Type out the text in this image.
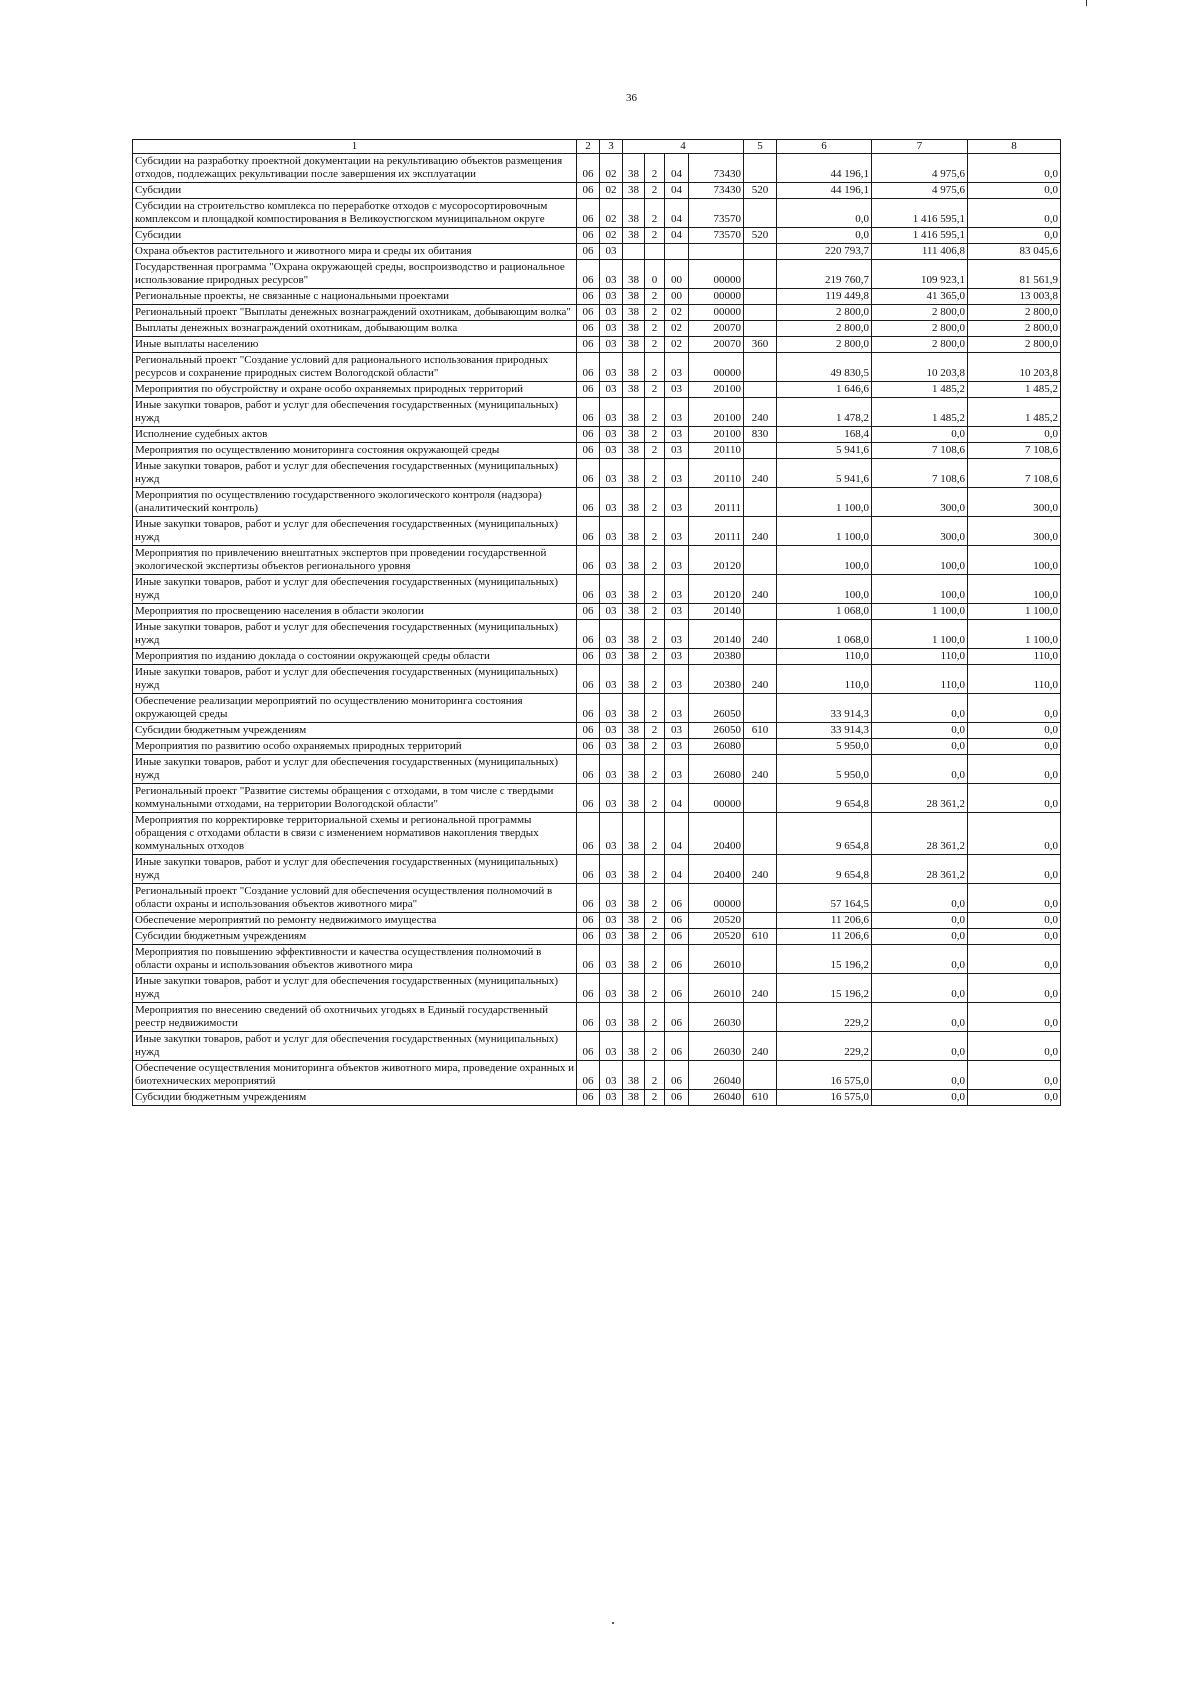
36
1	2	3	4				5	6	7	8
Субсидии на разработку проектной документации на рекультивацию объектов размещения отходов, подлежащих рекультивации после завершения их эксплуатации	06	02	38	2	04	73430		44 196,1	4 975,6	0,0
Субсидии	06	02	38	2	04	73430	520	44 196,1	4 975,6	0,0
Субсидии на строительство комплекса по переработке отходов с мусоросортировочным комплексом и площадкой компостирования в Великоустюгском муниципальном округе	06	02	38	2	04	73570		0,0	1 416 595,1	0,0
Субсидии	06	02	38	2	04	73570	520	0,0	1 416 595,1	0,0
Охрана объектов растительного и животного мира и среды их обитания	06	03						220 793,7	111 406,8	83 045,6
Государственная программа "Охрана окружающей среды, воспроизводство и рациональное использование природных ресурсов"	06	03	38	0	00	00000		219 760,7	109 923,1	81 561,9
Региональные проекты, не связанные с национальными проектами	06	03	38	2	00	00000		119 449,8	41 365,0	13 003,8
Региональный проект "Выплаты денежных вознаграждений охотникам, добывающим волка"	06	03	38	2	02	00000		2 800,0	2 800,0	2 800,0
Выплаты денежных вознаграждений охотникам, добывающим волка	06	03	38	2	02	20070		2 800,0	2 800,0	2 800,0
Иные выплаты населению	06	03	38	2	02	20070	360	2 800,0	2 800,0	2 800,0
Региональный проект "Создание условий для рационального использования природных ресурсов и сохранение природных систем Вологодской области"	06	03	38	2	03	00000		49 830,5	10 203,8	10 203,8
Мероприятия по обустройству и охране особо охраняемых природных территорий	06	03	38	2	03	20100		1 646,6	1 485,2	1 485,2
Иные закупки товаров, работ и услуг для обеспечения государственных (муниципальных) нужд	06	03	38	2	03	20100	240	1 478,2	1 485,2	1 485,2
Исполнение судебных актов	06	03	38	2	03	20100	830	168,4	0,0	0,0
Мероприятия по осуществлению мониторинга состояния окружающей среды	06	03	38	2	03	20110		5 941,6	7 108,6	7 108,6
Иные закупки товаров, работ и услуг для обеспечения государственных (муниципальных) нужд	06	03	38	2	03	20110	240	5 941,6	7 108,6	7 108,6
Мероприятия по осуществлению государственного экологического контроля (надзора) (аналитический контроль)	06	03	38	2	03	20111		1 100,0	300,0	300,0
Иные закупки товаров, работ и услуг для обеспечения государственных (муниципальных) нужд	06	03	38	2	03	20111	240	1 100,0	300,0	300,0
Мероприятия по привлечению внештатных экспертов при проведении государственной экологической экспертизы объектов регионального уровня	06	03	38	2	03	20120		100,0	100,0	100,0
Иные закупки товаров, работ и услуг для обеспечения государственных (муниципальных) нужд	06	03	38	2	03	20120	240	100,0	100,0	100,0
Мероприятия по просвещению населения в области экологии	06	03	38	2	03	20140		1 068,0	1 100,0	1 100,0
Иные закупки товаров, работ и услуг для обеспечения государственных (муниципальных) нужд	06	03	38	2	03	20140	240	1 068,0	1 100,0	1 100,0
Мероприятия по изданию доклада о состоянии окружающей среды области	06	03	38	2	03	20380		110,0	110,0	110,0
Иные закупки товаров, работ и услуг для обеспечения государственных (муниципальных) нужд	06	03	38	2	03	20380	240	110,0	110,0	110,0
Обеспечение реализации мероприятий по осуществлению мониторинга состояния окружающей среды	06	03	38	2	03	26050		33 914,3	0,0	0,0
Субсидии бюджетным учреждениям	06	03	38	2	03	26050	610	33 914,3	0,0	0,0
Мероприятия по развитию особо охраняемых природных территорий	06	03	38	2	03	26080		5 950,0	0,0	0,0
Иные закупки товаров, работ и услуг для обеспечения государственных (муниципальных) нужд	06	03	38	2	03	26080	240	5 950,0	0,0	0,0
Региональный проект "Развитие системы обращения с отходами, в том числе с твердыми коммунальными отходами, на территории Вологодской области"	06	03	38	2	04	00000		9 654,8	28 361,2	0,0
Мероприятия по корректировке территориальной схемы и региональной программы обращения с отходами области в связи с изменением нормативов накопления твердых коммунальных отходов	06	03	38	2	04	20400		9 654,8	28 361,2	0,0
Иные закупки товаров, работ и услуг для обеспечения государственных (муниципальных) нужд	06	03	38	2	04	20400	240	9 654,8	28 361,2	0,0
Региональный проект "Создание условий для обеспечения осуществления полномочий в области охраны и использования объектов животного мира"	06	03	38	2	06	00000		57 164,5	0,0	0,0
Обеспечение мероприятий по ремонту недвижимого имущества	06	03	38	2	06	20520		11 206,6	0,0	0,0
Субсидии бюджетным учреждениям	06	03	38	2	06	20520	610	11 206,6	0,0	0,0
Мероприятия по повышению эффективности и качества осуществления полномочий в области охраны и использования объектов животного мира	06	03	38	2	06	26010		15 196,2	0,0	0,0
Иные закупки товаров, работ и услуг для обеспечения государственных (муниципальных) нужд	06	03	38	2	06	26010	240	15 196,2	0,0	0,0
Мероприятия по внесению сведений об охотничьих угодьях в Единый государственный реестр недвижимости	06	03	38	2	06	26030		229,2	0,0	0,0
Иные закупки товаров, работ и услуг для обеспечения государственных (муниципальных) нужд	06	03	38	2	06	26030	240	229,2	0,0	0,0
Обеспечение осуществления мониторинга объектов животного мира, проведение охранных и биотехнических мероприятий	06	03	38	2	06	26040		16 575,0	0,0	0,0
Субсидии бюджетным учреждениям	06	03	38	2	06	26040	610	16 575,0	0,0	0,0
